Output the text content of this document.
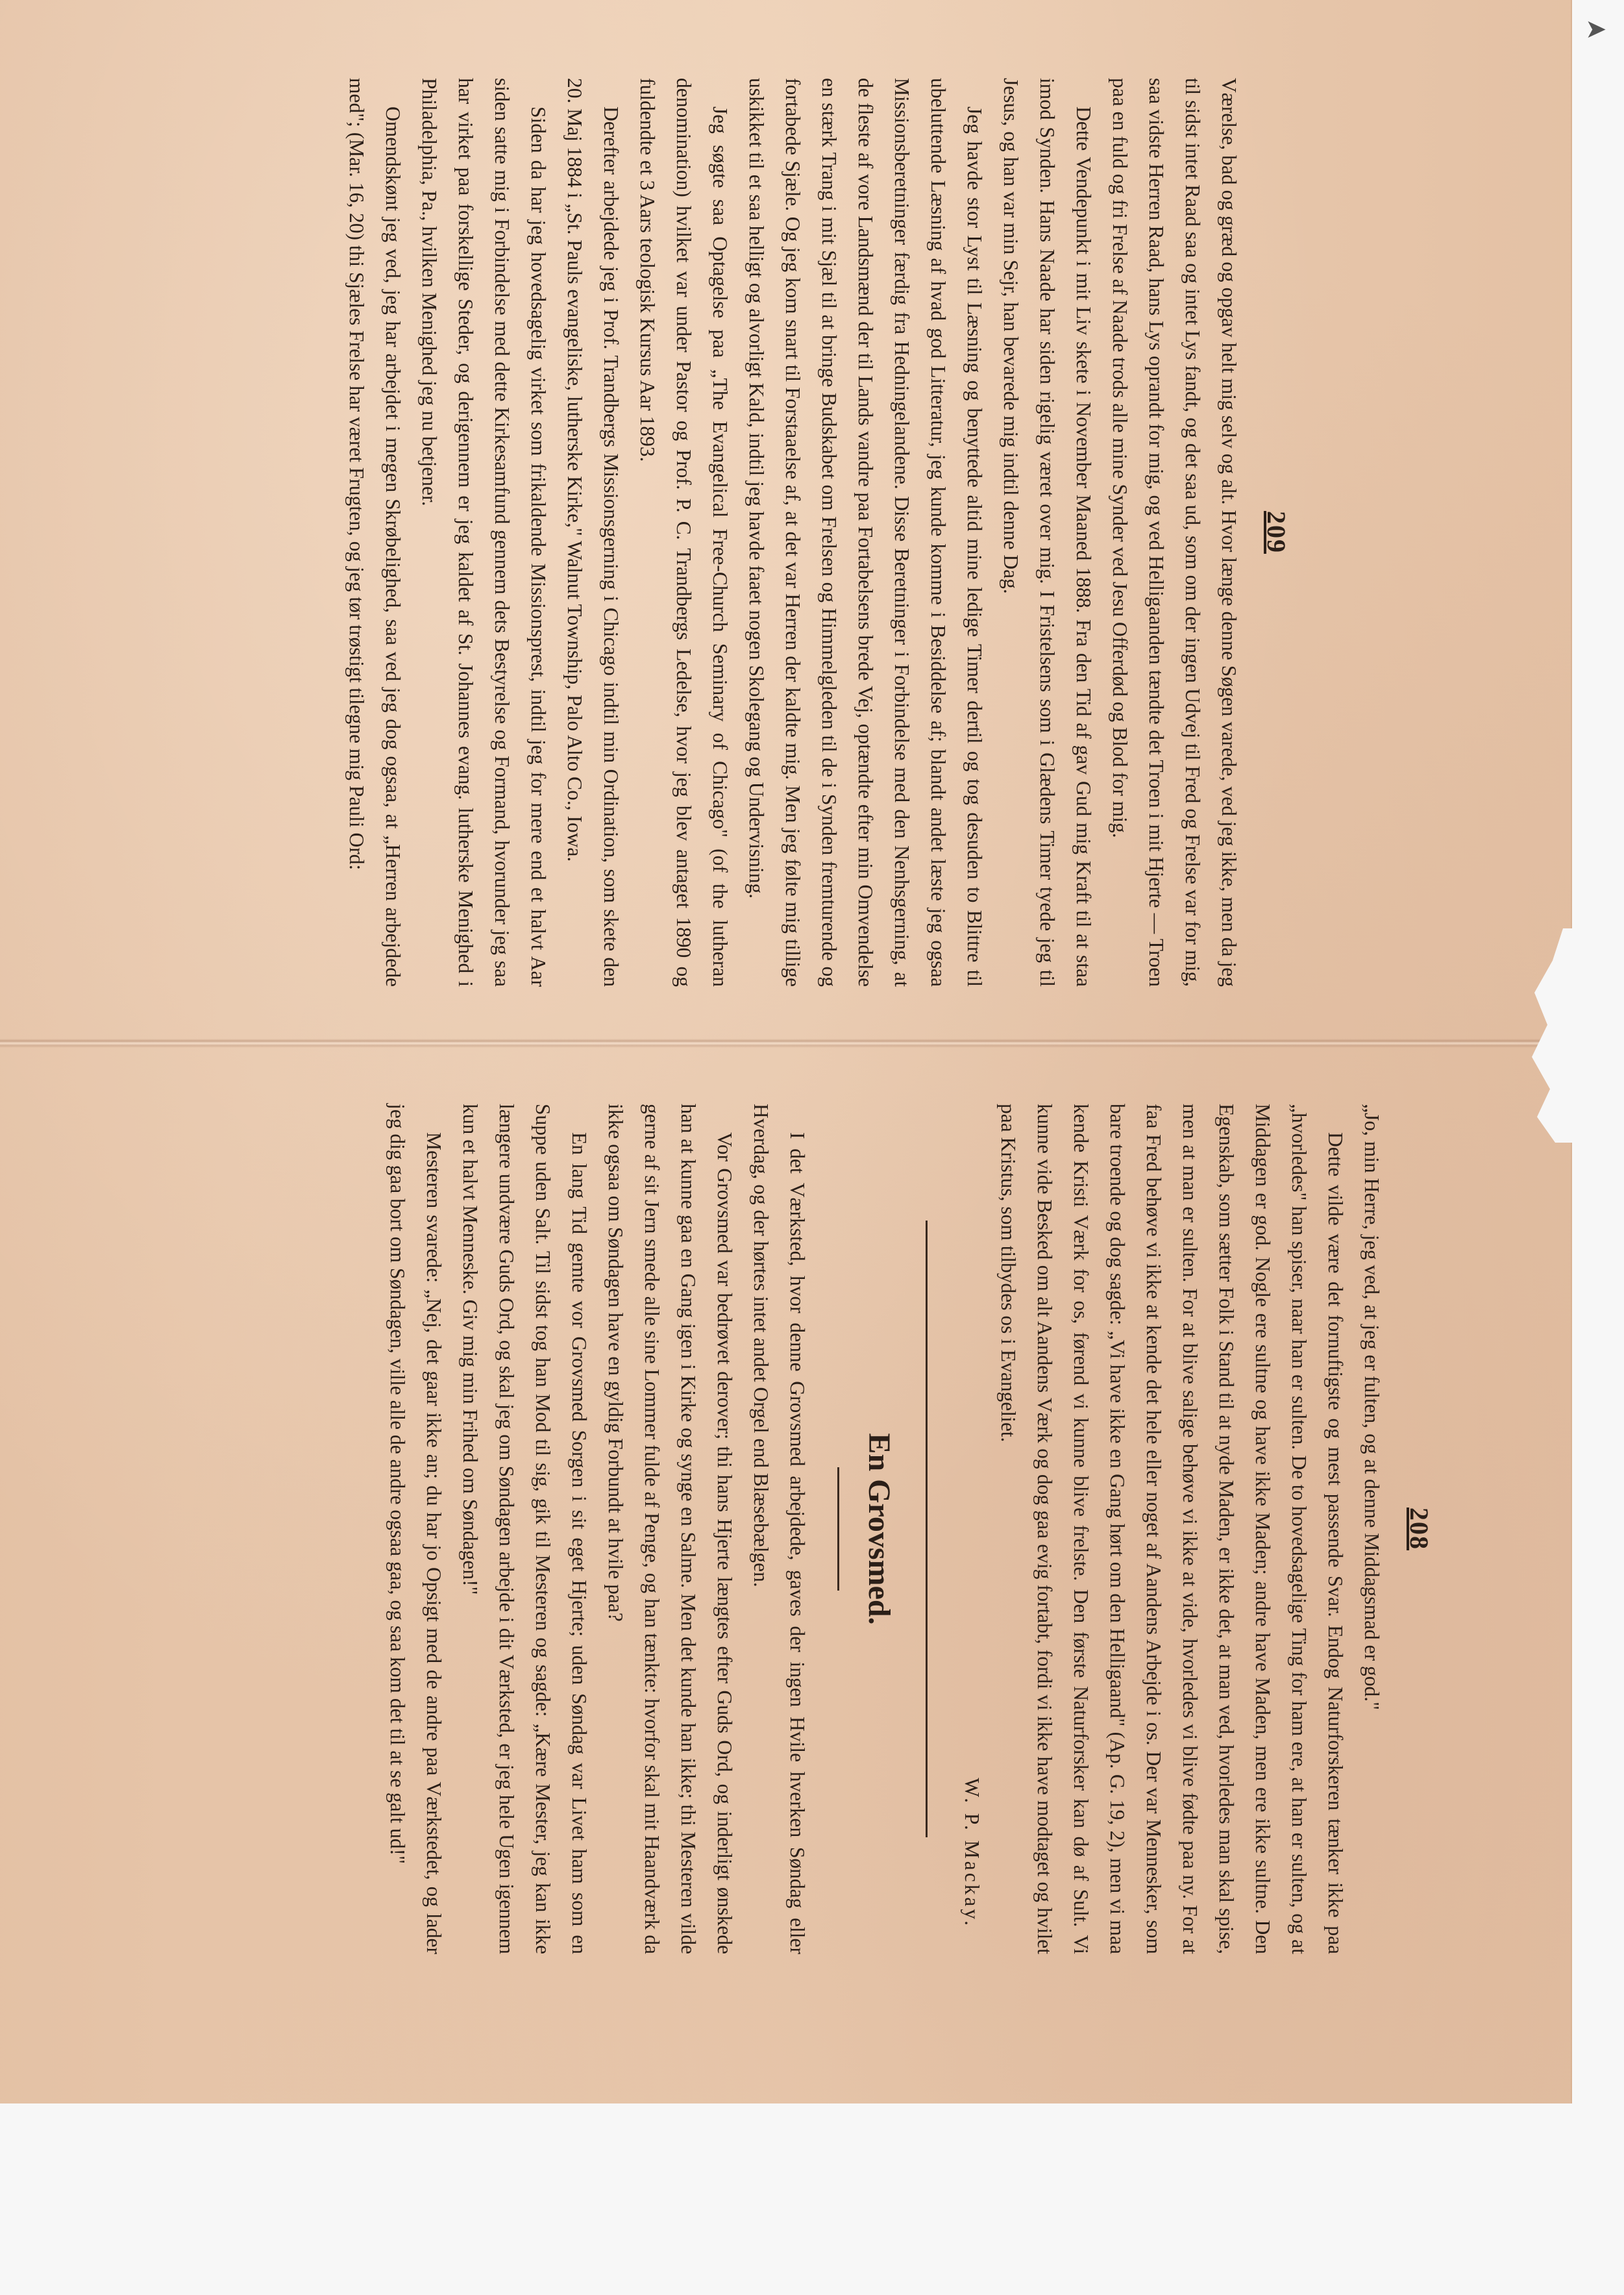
➤
209

Værelse, bad og græd og opgav helt mig selv og alt. Hvor længe denne Søgen varede, ved jeg ikke, men da jeg til sidst intet Raad saa og intet Lys fandt, og det saa ud, som om der ingen Udvej til Fred og Frelse var for mig, saa vidste Herren Raad, hans Lys oprandt for mig, og ved Helligaanden tændte det Troen i mit Hjerte — Troen paa en fuld og fri Frelse af Naade trods alle mine Synder ved Jesu Offerdød og Blod for mig.

Dette Vendepunkt i mit Liv skete i November Maaned 1888. Fra den Tid af gav Gud mig Kraft til at staa imod Synden. Hans Naade har siden rigelig været over mig. I Fristelsens som i Glædens Timer tyede jeg til Jesus, og han var min Sejr, han bevarede mig indtil denne Dag.

Jeg havde stor Lyst til Læsning og benyttede altid mine ledige Timer dertil og tog desuden to Blittre til ubeluttende Læsning af hvad god Litteratur, jeg kunde komme i Besiddelse af; blandt andet læste jeg ogsaa Missionsberetninger færdig fra Hedningelandene. Disse Beretninger i Forbindelse med den Nenhsgerning, at de fleste af vore Landsmænd der til Lands vandre paa Fortabelsens brede Vej, optændte efter min Omvendelse en stærk Trang i mit Sjæl til at bringe Budskabet om Frelsen og Himmelgleden til de i Synden fremturende og fortabede Sjæle. Og jeg kom snart til Forstaaelse af, at det var Herren der kaldte mig. Men jeg følte mig tillige uskikket til et saa helligt og alvorligt Kald, indtil jeg havde faaet nogen Skolegang og Undervisning.

Jeg søgte saa Optagelse paa „The Evangelical Free-Church Seminary of Chicago" (of the lutheran denomination) hvilket var under Pastor og Prof. P. C. Trandbergs Ledelse, hvor jeg blev antaget 1890 og fuldendte et 3 Aars teologisk Kursus Aar 1893.

Derefter arbejdede jeg i Prof. Trandbergs Missionsgerning i Chicago indtil min Ordination, som skete den 20. Maj 1884 i „St. Pauls evangeliske, lutherske Kirke," Walnut Township, Palo Alto Co., Iowa.

Siden da har jeg hovedsagelig virket som frikaldende Missionsprest, indtil jeg for mere end et halvt Aar siden satte mig i Forbindelse med dette Kirkesamfund gennem dets Bestyrelse og Formand, hvorunder jeg saa har virket paa forskellige Steder, og derigennem er jeg kaldet af St. Johannes evang. lutherske Menighed i Philadelphia, Pa., hvilken Menighed jeg nu betjener.

Omendskønt jeg ved, jeg har arbejdet i megen Skrøbelighed, saa ved jeg dog ogsaa, at „Herren arbejdede med"; (Mar. 16, 20) thi Sjæles Frelse har været Frugten, og jeg tør trøstigt tilegne mig Pauli Ord:

208

„Jo, min Herre, jeg ved, at jeg er fulten, og at denne Middagsmad er god."

Dette vilde være det fornuftigste og mest passende Svar. Endog Naturforskeren tænker ikke paa „hvorledes" han spiser, naar han er sulten. De to hovedsagelige Ting for ham ere, at han er sulten, og at Middagen er god. Nogle ere sultne og have ikke Maden; andre have Maden, men ere ikke sultne. Den Egenskab, som sætter Folk i Stand til at nyde Maden, er ikke det, at man ved, hvorledes man skal spise, men at man er sulten. For at blive salige behøve vi ikke at vide, hvorledes vi blive fødte paa ny. For at faa Fred behøve vi ikke at kende det hele eller noget af Aandens Arbejde i os. Der var Mennesker, som bare troende og dog sagde: „Vi have ikke en Gang hørt om den Helligaand" (Ap. G. 19, 2), men vi maa kende Kristi Værk for os, førend vi kunne blive frelste. Den første Naturforsker kan dø af Sult. Vi kunne vide Besked om alt Aandens Værk og dog gaa evig fortabt, fordi vi ikke have modtaget og hvilet paa Kristus, som tilbydes os i Evangeliet.

W. P. Mackay.
En Grovsmed.

I det Værksted, hvor denne Grovsmed arbejdede, gaves der ingen Hvile hverken Søndag eller Hverdag, og der hørtes intet andet Orgel end Blæsebælgen.

Vor Grovsmed var bedrøvet derover; thi hans Hjerte længtes efter Guds Ord, og inderligt ønskede han at kunne gaa en Gang igen i Kirke og synge en Salme. Men det kunde han ikke; thi Mesteren vilde gerne af sit Jern smede alle sine Lommer fulde af Penge, og han tænkte: hvorfor skal mit Haandværk da ikke ogsaa om Søndagen have en gyldig Forbundt at hvile paa?

En lang Tid gemte vor Grovsmed Sorgen i sit eget Hjerte; uden Søndag var Livet ham som en Suppe uden Salt. Til sidst tog han Mod til sig, gik til Mesteren og sagde: „Kære Mester, jeg kan ikke længere undvære Guds Ord, og skal jeg om Søndagen arbejde i dit Værksted, er jeg hele Ugen igennem kun et halvt Menneske. Giv mig min Frihed om Søndagen!"

Mesteren svarede: „Nej, det gaar ikke an; du har jo Opsigt med de andre paa Værkstedet, og lader jeg dig gaa bort om Søndagen, ville alle de andre ogsaa gaa, og saa kom det til at se galt ud!"
